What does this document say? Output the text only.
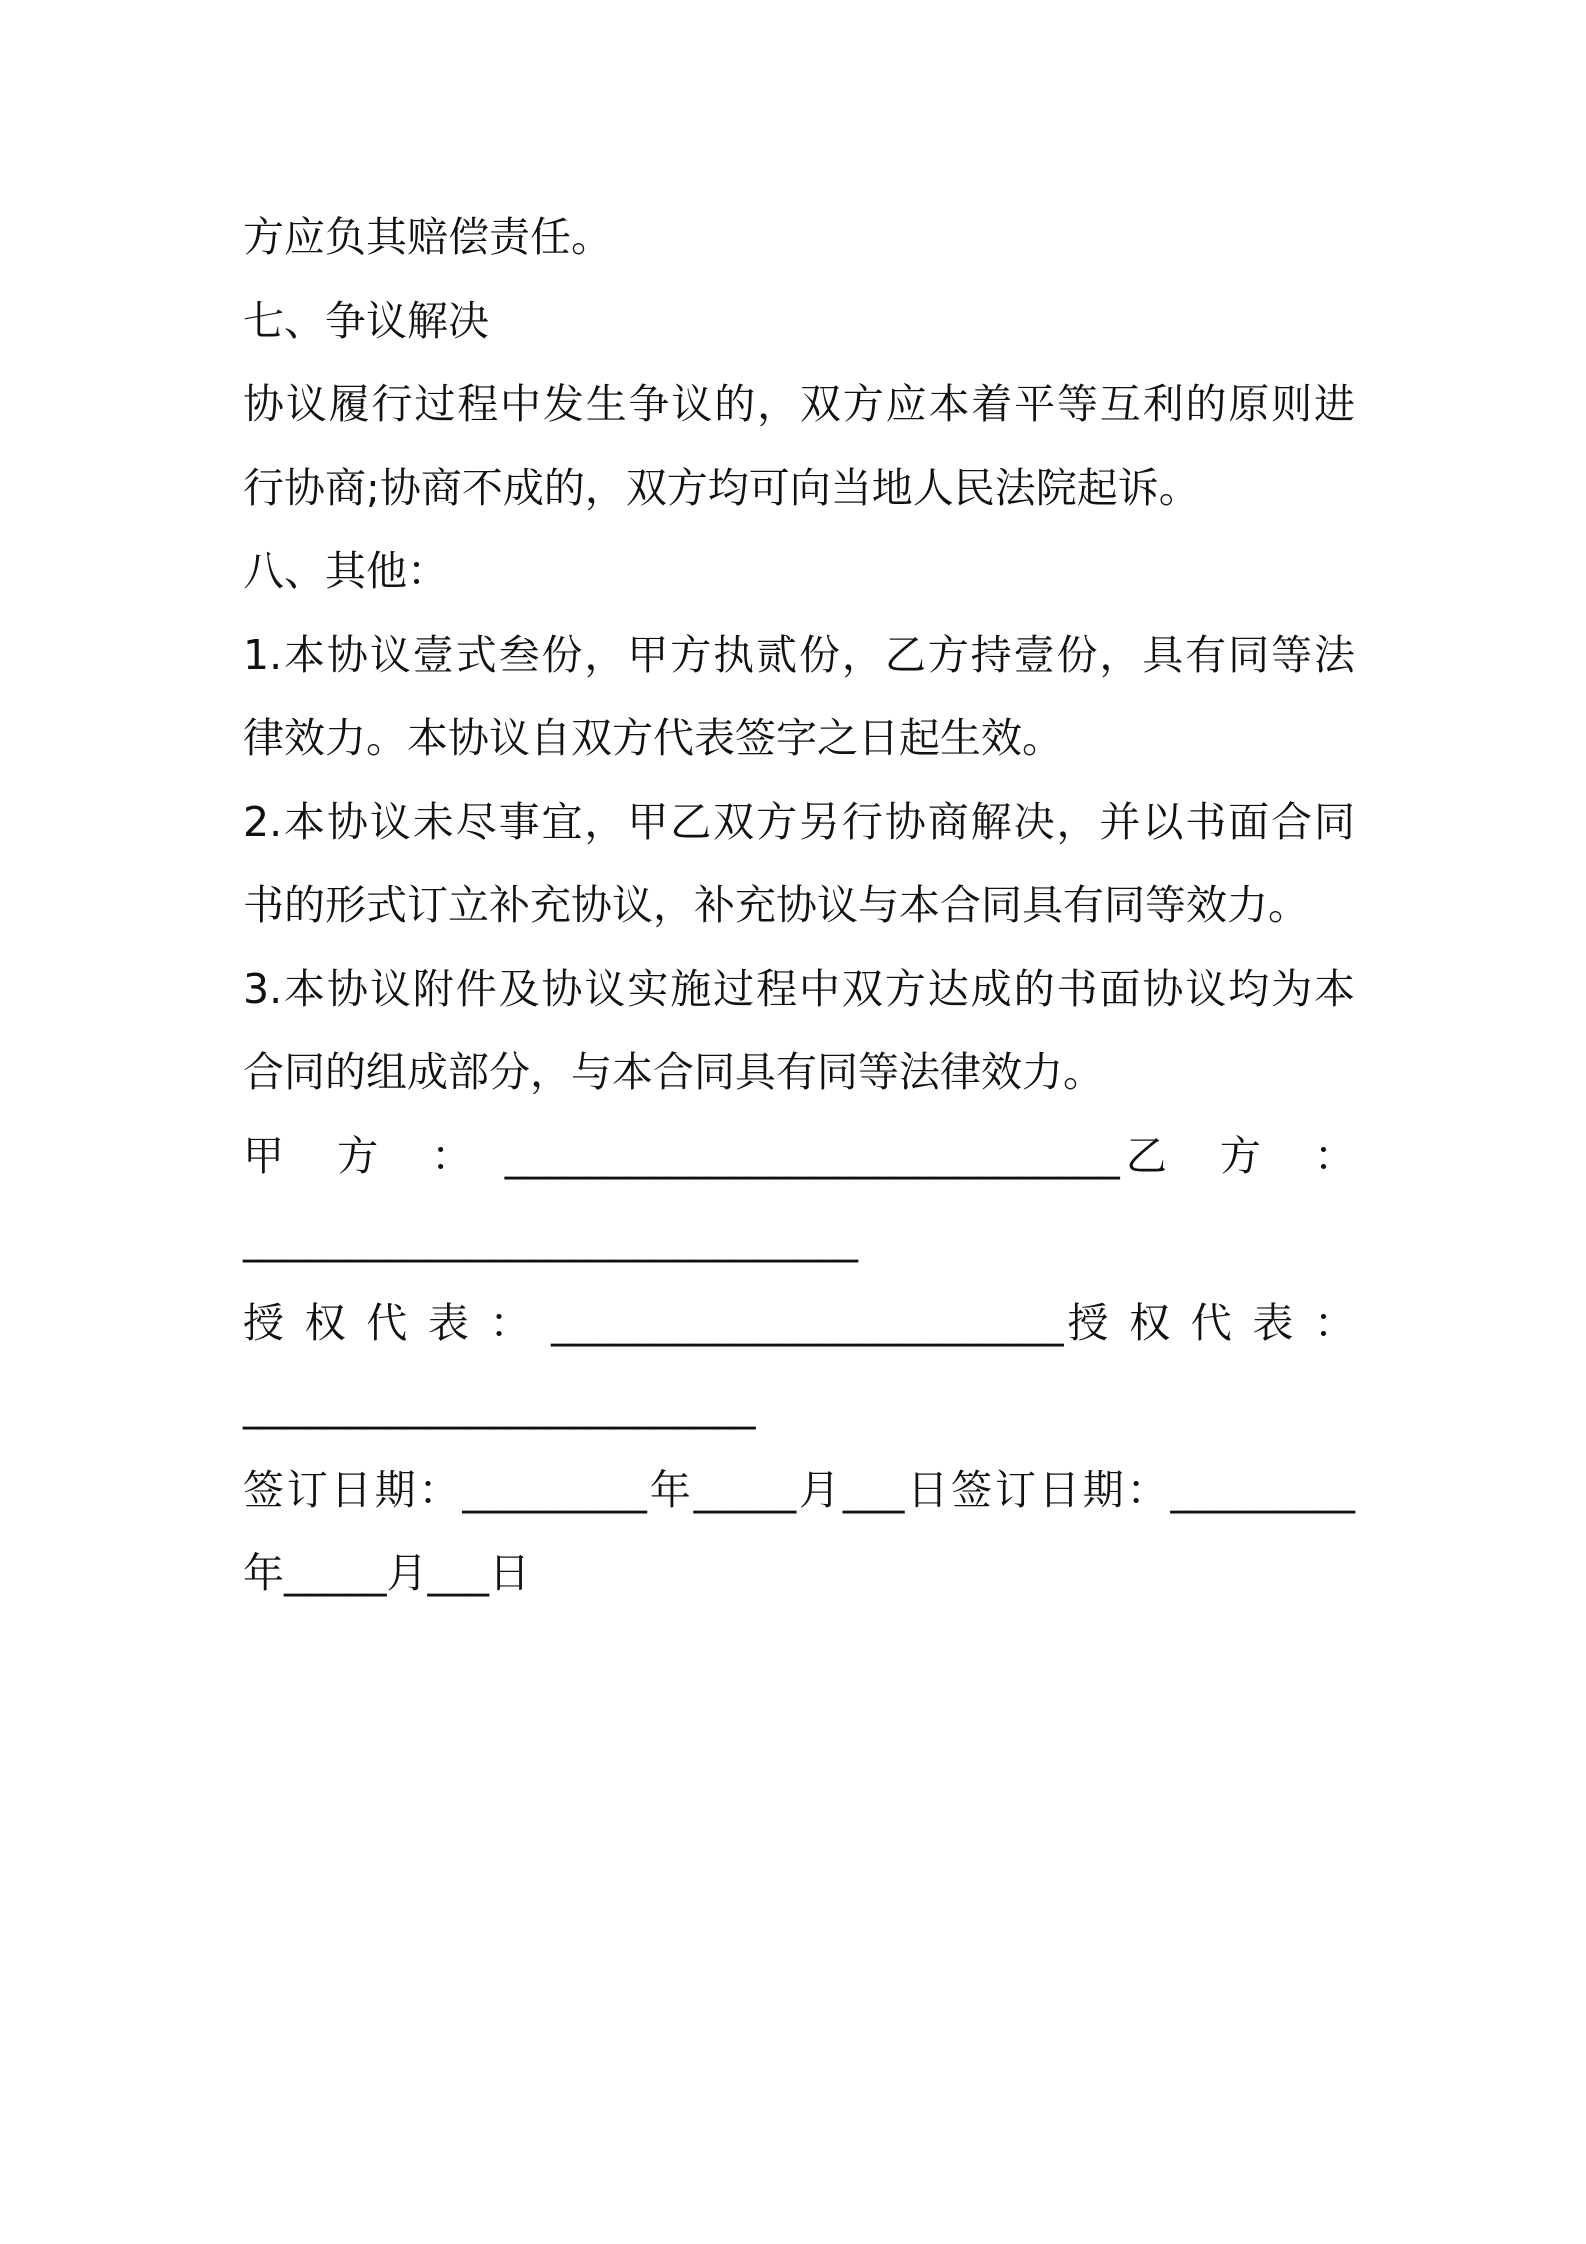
方应负其赔偿责任。
七、争议解决
协议履行过程中发生争议的，双方应本着平等互利的原则进
行协商;协商不成的，双方均可向当地人民法院起诉。
八、其他：
1.本协议壹式叁份，甲方执贰份，乙方持壹份，具有同等法
律效力。本协议自双方代表签字之日起生效。
2.本协议未尽事宜，甲乙双方另行协商解决，并以书面合同
书的形式订立补充协议，补充协议与本合同具有同等效力。
3.本协议附件及协议实施过程中双方达成的书面协议均为本
合同的组成部分，与本合同具有同等法律效力。
甲　方　：　______________________________乙　方　：
______________________________
授 权 代 表 ： _________________________授 权 代 表 ：
_________________________
签订日期：_________年_____月___日签订日期：_________
年_____月___日
